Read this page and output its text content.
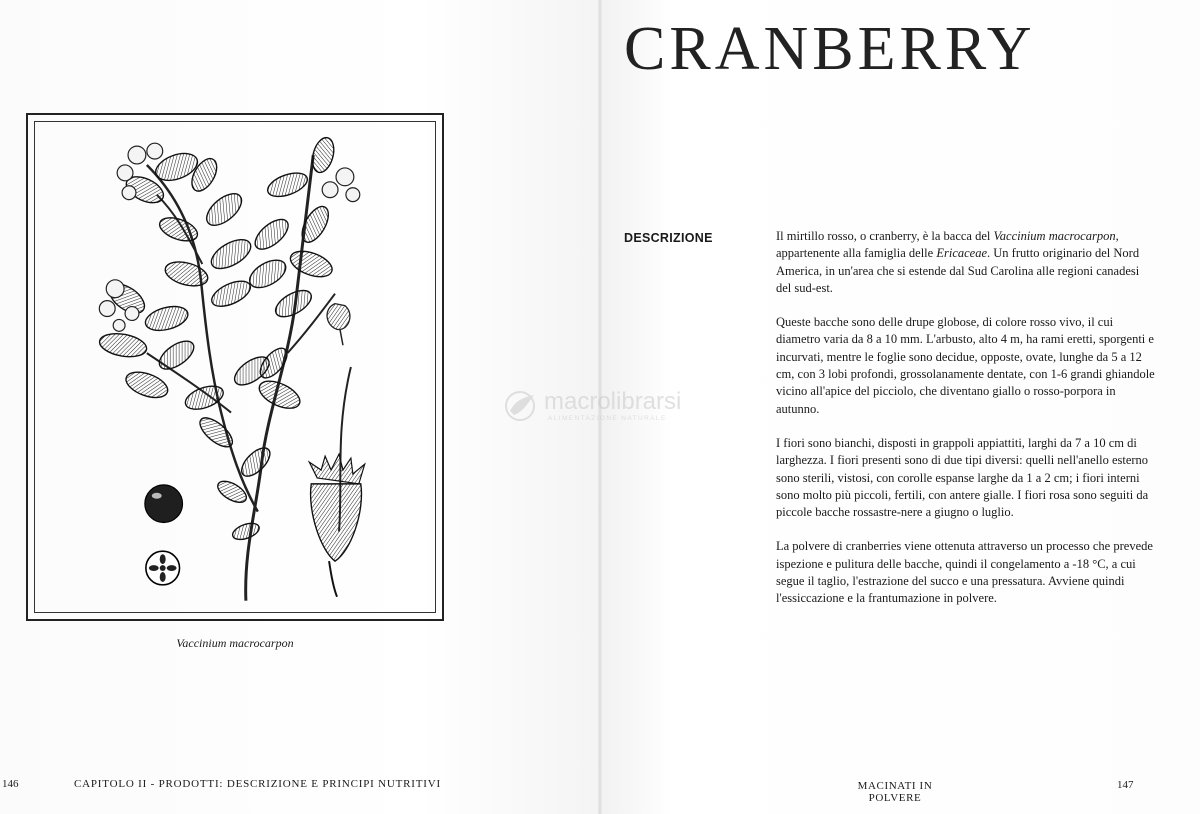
Vaccinium macrocarpon
146	CAPITOLO II - PRODOTTI: DESCRIZIONE E PRINCIPI NUTRITIVI
CRANBERRY
DESCRIZIONE	Il mirtillo rosso, o cranberry, è la bacca del Vaccinium macrocarpon, appartenente alla famiglia delle Ericaceae. Un frutto originario del Nord America, in un'area che si estende dal Sud Carolina alle regioni canadesi del sud-est.

Queste bacche sono delle drupe globose, di colore rosso vivo, il cui diametro varia da 8 a 10 mm. L'arbusto, alto 4 m, ha rami eretti, sporgenti e incurvati, mentre le foglie sono decidue, opposte, ovate, lunghe da 5 a 12 cm, con 3 lobi profondi, grossolanamente dentate, con 1-6 grandi ghiandole vicino all'apice del picciolo, che diventano giallo o rosso-porpora in autunno.

I fiori sono bianchi, disposti in grappoli appiattiti, larghi da 7 a 10 cm di larghezza. I fiori presenti sono di due tipi diversi: quelli nell'anello esterno sono sterili, vistosi, con corolle espanse larghe da 1 a 2 cm; i fiori interni sono molto più piccoli, fertili, con antere gialle. I fiori rosa sono seguiti da piccole bacche rossastre-nere a giugno o luglio.

La polvere di cranberries viene ottenuta attraverso un processo che prevede ispezione e pulitura delle bacche, quindi il congelamento a -18 °C, a cui segue il taglio, l'estrazione del succo e una pressatura. Avviene quindi l'essiccazione e la frantumazione in polvere.

MACINATI IN POLVERE
147
macrolibrarsi
ALIMENTAZIONE NATURALE
